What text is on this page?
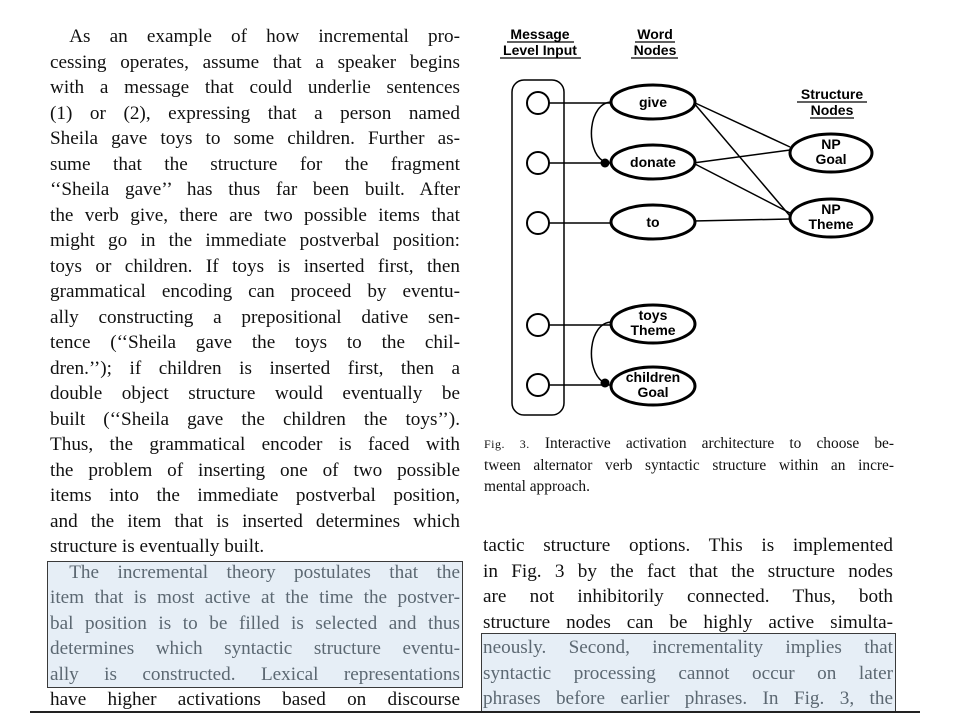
 As an example of how incremental pro-
cessing operates, assume that a speaker begins
with a message that could underlie sentences
(1) or (2), expressing that a person named
Sheila gave toys to some children. Further as-
sume that the structure for the fragment
‘‘Sheila gave’’ has thus far been built. After
the verb give, there are two possible items that
might go in the immediate postverbal position:
toys or children. If toys is inserted first, then
grammatical encoding can proceed by eventu-
ally constructing a prepositional dative sen-
tence (‘‘Sheila gave the toys to the chil-
dren.’’); if children is inserted first, then a
double object structure would eventually be
built (‘‘Sheila gave the children the toys’’).
Thus, the grammatical encoder is faced with
the problem of inserting one of two possible
items into the immediate postverbal position,
and the item that is inserted determines which
structure is eventually built.
 The incremental theory postulates that the
item that is most active at the time the postver-
bal position is to be filled is selected and thus
determines which syntactic structure eventu-
ally is constructed. Lexical representations
have higher activations based on discourse
Message
Level Input
Word
Nodes
Structure
Nodes
give
donate
to
toys
Theme
children
Goal
NP
Goal
NP
Theme
Fig. 3. Interactive activation architecture to choose be-
tween alternator verb syntactic structure within an incre-
mental approach.
tactic structure options. This is implemented
in Fig. 3 by the fact that the structure nodes
are not inhibitorily connected. Thus, both
structure nodes can be highly active simulta-
neously. Second, incrementality implies that
syntactic processing cannot occur on later
phrases before earlier phrases. In Fig. 3, the
